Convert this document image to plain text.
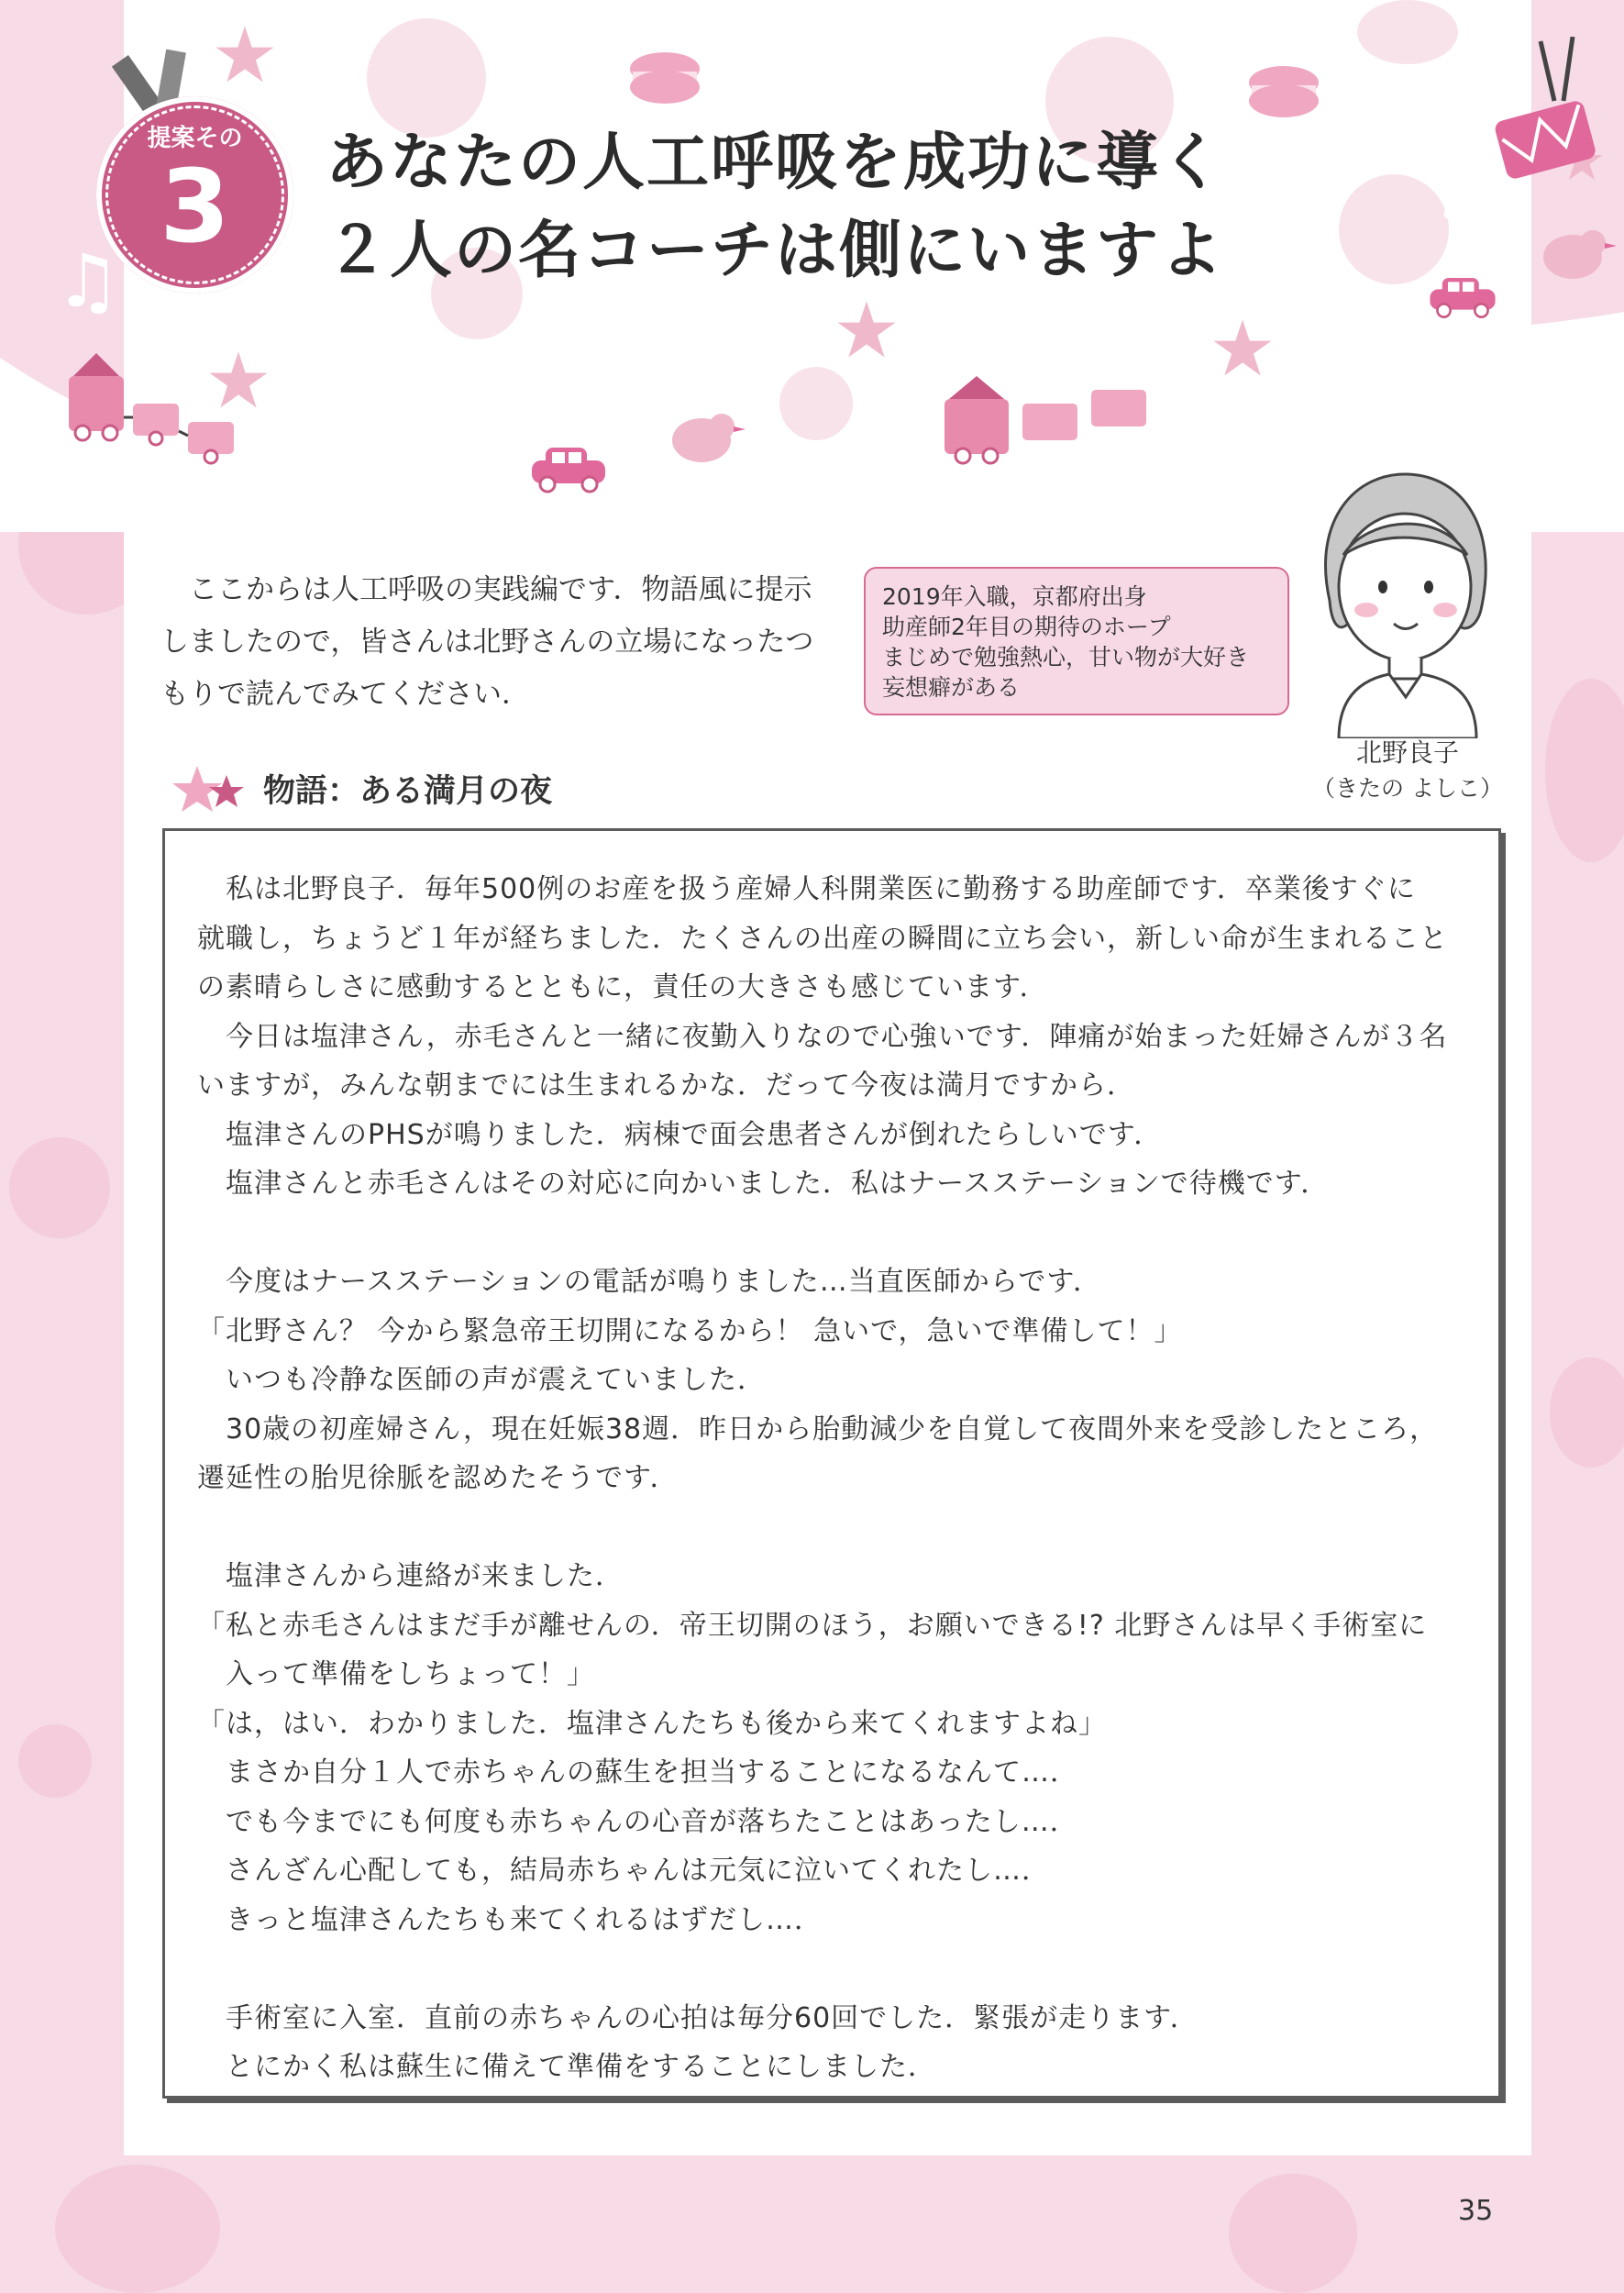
♫
♫
♪
♪
提案その
3	あなたの人工呼吸を成功に導く
２人の名コーチは側にいますよ
ここからは人工呼吸の実践編です．物語風に提示
しましたので，皆さんは北野さんの立場になったつ
もりで読んでみてください．
2019年入職，京都府出身
助産師2年目の期待のホープ
まじめで勉強熱心，甘い物が大好き
妄想癖がある
北野良子
（きたの よしこ）
物語：ある満月の夜
　私は北野良子．毎年500例のお産を扱う産婦人科開業医に勤務する助産師です．卒業後すぐに
就職し，ちょうど１年が経ちました．たくさんの出産の瞬間に立ち会い，新しい命が生まれること
の素晴らしさに感動するとともに，責任の大きさも感じています．
　今日は塩津さん，赤毛さんと一緒に夜勤入りなので心強いです．陣痛が始まった妊婦さんが３名
いますが，みんな朝までには生まれるかな．だって今夜は満月ですから．
　塩津さんのPHSが鳴りました．病棟で面会患者さんが倒れたらしいです．
　塩津さんと赤毛さんはその対応に向かいました．私はナースステーションで待機です．
　今度はナースステーションの電話が鳴りました…当直医師からです．
「北野さん？ 今から緊急帝王切開になるから！ 急いで，急いで準備して！」
　いつも冷静な医師の声が震えていました．
　30歳の初産婦さん，現在妊娠38週．昨日から胎動減少を自覚して夜間外来を受診したところ，
遷延性の胎児徐脈を認めたそうです．
　塩津さんから連絡が来ました．
「私と赤毛さんはまだ手が離せんの．帝王切開のほう，お願いできる!? 北野さんは早く手術室に
　入って準備をしちょって！」
「は，はい．わかりました．塩津さんたちも後から来てくれますよね」
　まさか自分１人で赤ちゃんの蘇生を担当することになるなんて…．
　でも今までにも何度も赤ちゃんの心音が落ちたことはあったし…．
　さんざん心配しても，結局赤ちゃんは元気に泣いてくれたし…．
　きっと塩津さんたちも来てくれるはずだし…．
　手術室に入室．直前の赤ちゃんの心拍は毎分60回でした．緊張が走ります．
　とにかく私は蘇生に備えて準備をすることにしました．
35
